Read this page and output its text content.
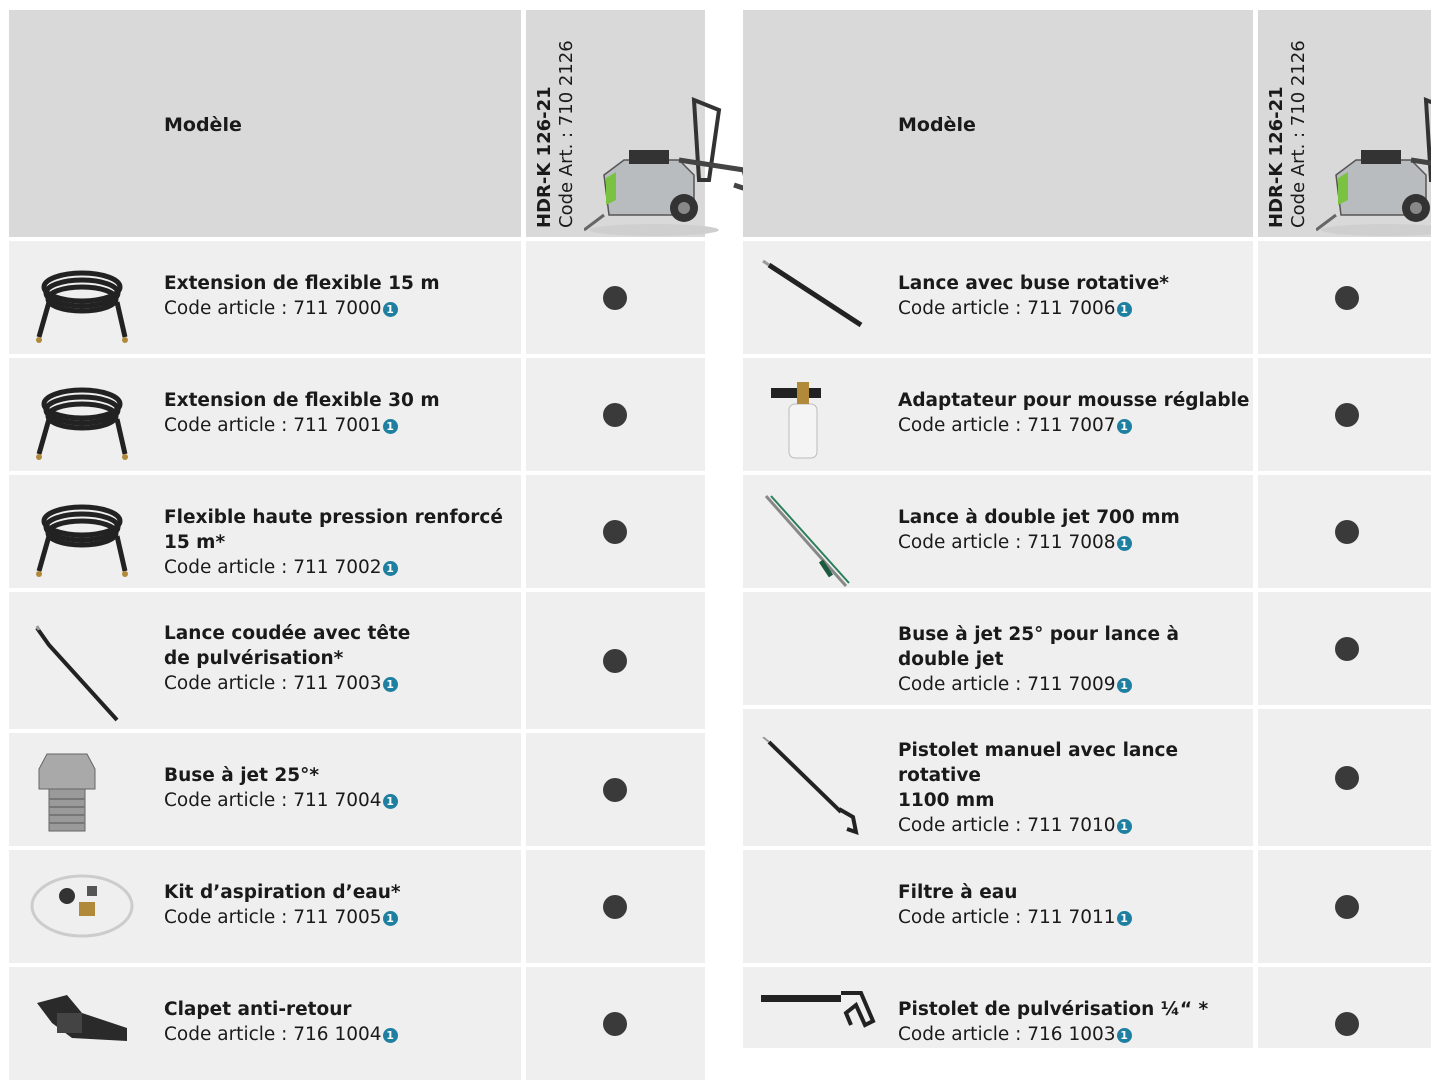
Modèle	HDR-K 126-21 Code Art. : 710 2126
Extension de flexible 15 m
Code article : 711 7000 1
Extension de flexible 30 m
Code article : 711 7001 1
Flexible haute pression renforcé 15 m*
Code article : 711 7002 1
Lance coudée avec tête
de pulvérisation*
Code article : 711 7003 1
Buse à jet 25°*
Code article : 711 7004 1
Kit d’aspiration d’eau*
Code article : 711 7005 1
Clapet anti-retour
Code article : 716 1004 1
Modèle	HDR-K 126-21 Code Art. : 710 2126
Lance avec buse rotative*
Code article : 711 7006 1
Adaptateur pour mousse réglable
Code article : 711 7007 1
Lance à double jet 700 mm
Code article : 711 7008 1
Buse à jet 25° pour lance à double jet
Code article : 711 7009 1
Pistolet manuel avec lance rotative
1100 mm
Code article : 711 7010 1
Filtre à eau
Code article : 711 7011 1
Pistolet de pulvérisation ¼“ *
Code article : 716 1003 1
